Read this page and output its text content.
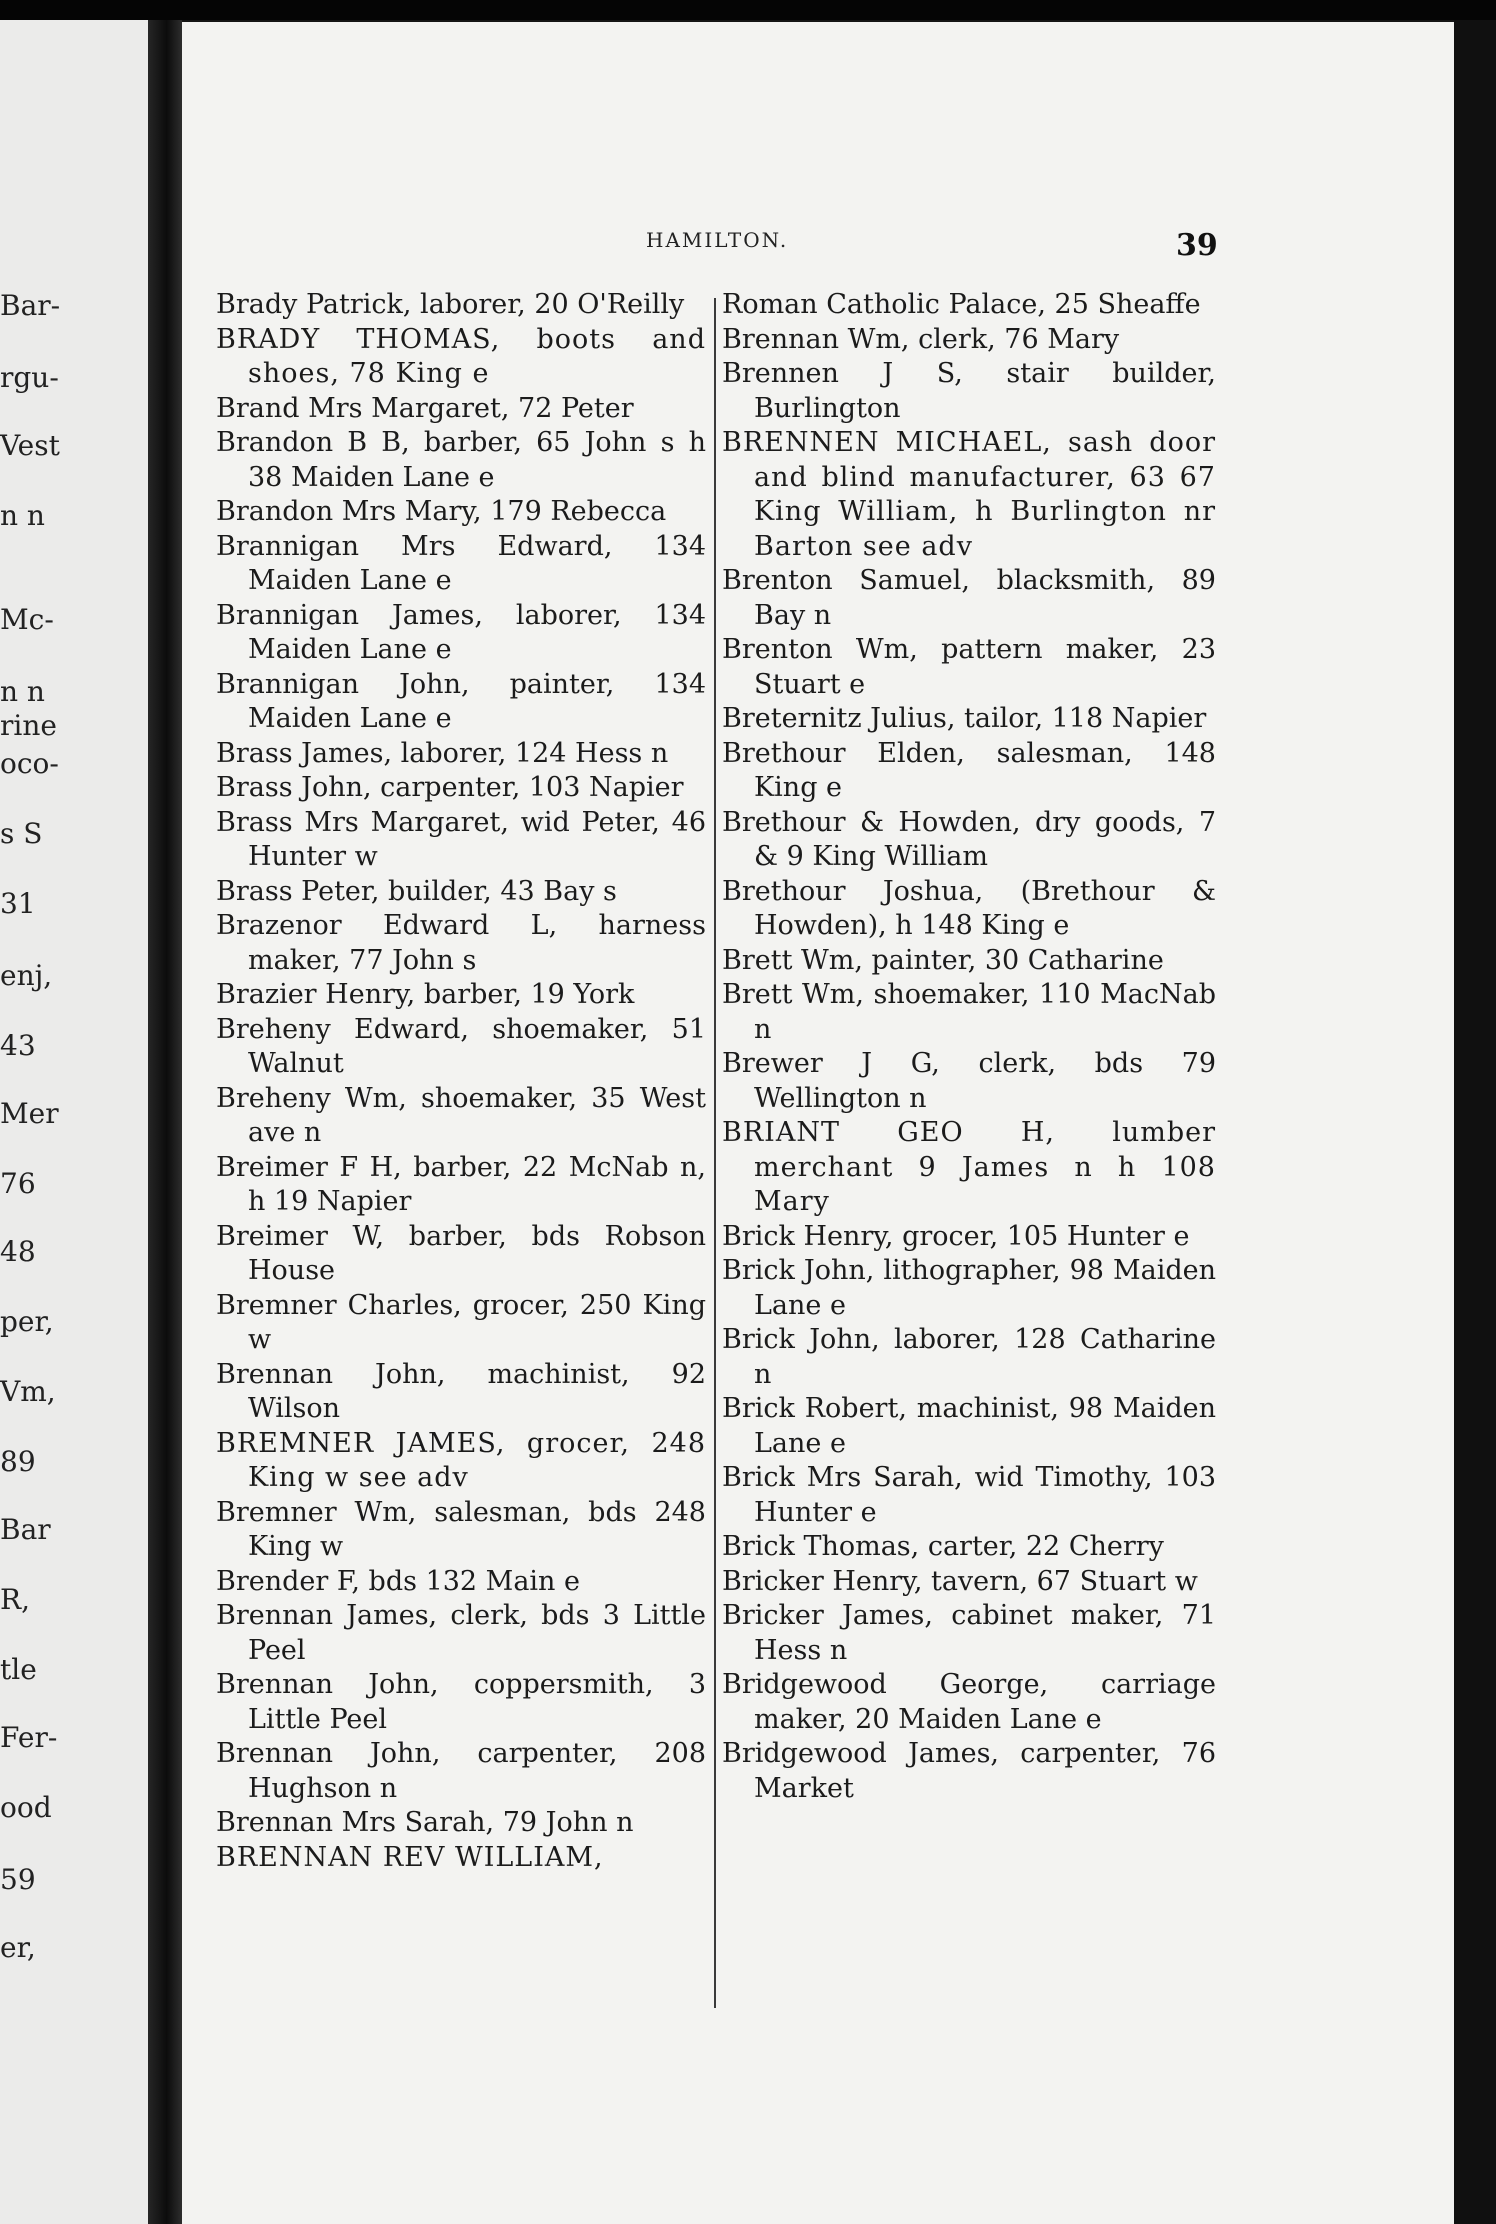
Bar-
rgu-
Vest
n n
Mc-
n n
rine
oco-
s S
31
enj,
43
Mer
76
48
per,
Vm,
89
Bar
R,
tle
Fer-
ood
59
er,
HAMILTON.	39
Brady Patrick, laborer, 20 O'Reilly
BRADY THOMAS, boots and shoes, 78 King e
Brand Mrs Margaret, 72 Peter
Brandon B B, barber, 65 John s h 38 Maiden Lane e
Brandon Mrs Mary, 179 Rebecca
Brannigan Mrs Edward, 134 Maiden Lane e
Brannigan James, laborer, 134 Maiden Lane e
Brannigan John, painter, 134 Maiden Lane e
Brass James, laborer, 124 Hess n
Brass John, carpenter, 103 Napier
Brass Mrs Margaret, wid Peter, 46 Hunter w
Brass Peter, builder, 43 Bay s
Brazenor Edward L, harness maker, 77 John s
Brazier Henry, barber, 19 York
Breheny Edward, shoemaker, 51 Walnut
Breheny Wm, shoemaker, 35 West ave n
Breimer F H, barber, 22 McNab n, h 19 Napier
Breimer W, barber, bds Robson House
Bremner Charles, grocer, 250 King w
Brennan John, machinist, 92 Wilson
BREMNER JAMES, grocer, 248 King w see adv
Bremner Wm, salesman, bds 248 King w
Brender F, bds 132 Main e
Brennan James, clerk, bds 3 Little Peel
Brennan John, coppersmith, 3 Little Peel
Brennan John, carpenter, 208 Hughson n
Brennan Mrs Sarah, 79 John n
BRENNAN REV WILLIAM,
Roman Catholic Palace, 25 Sheaffe
Brennan Wm, clerk, 76 Mary
Brennen J S, stair builder, Burlington
BRENNEN MICHAEL, sash door and blind manufacturer, 63 67 King William, h Burlington nr Barton see adv
Brenton Samuel, blacksmith, 89 Bay n
Brenton Wm, pattern maker, 23 Stuart e
Breternitz Julius, tailor, 118 Napier
Brethour Elden, salesman, 148 King e
Brethour & Howden, dry goods, 7 & 9 King William
Brethour Joshua, (Brethour & Howden), h 148 King e
Brett Wm, painter, 30 Catharine
Brett Wm, shoemaker, 110 MacNab n
Brewer J G, clerk, bds 79 Wellington n
BRIANT GEO H, lumber merchant 9 James n h 108 Mary
Brick Henry, grocer, 105 Hunter e
Brick John, lithographer, 98 Maiden Lane e
Brick John, laborer, 128 Catharine n
Brick Robert, machinist, 98 Maiden Lane e
Brick Mrs Sarah, wid Timothy, 103 Hunter e
Brick Thomas, carter, 22 Cherry
Bricker Henry, tavern, 67 Stuart w
Bricker James, cabinet maker, 71 Hess n
Bridgewood George, carriage maker, 20 Maiden Lane e
Bridgewood James, carpenter, 76 Market
